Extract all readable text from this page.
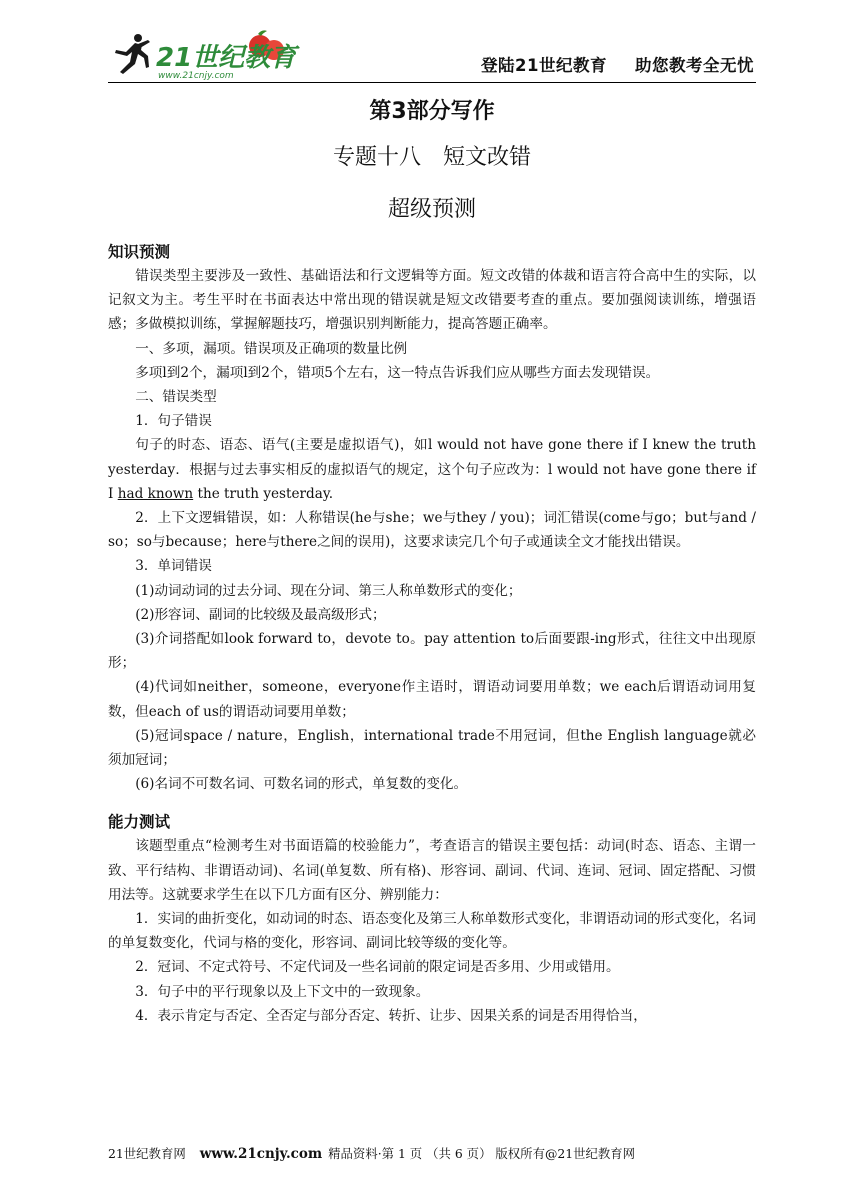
21世纪教育
www.21cnjy.com
登陆21世纪教育 助您教考全无忧
第3部分写作
专题十八　短文改错
超级预测
知识预测

错误类型主要涉及一致性、基础语法和行文逻辑等方面。短文改错的体裁和语言符合高中生的实际，以记叙文为主。考生平时在书面表达中常出现的错误就是短文改错要考查的重点。要加强阅读训练，增强语感；多做模拟训练，掌握解题技巧，增强识别判断能力，提高答题正确率。

一、多项，漏项。错误项及正确项的数量比例

多项l到2个，漏项l到2个，错项5个左右，这一特点告诉我们应从哪些方面去发现错误。

二、错误类型

1．句子错误

句子的时态、语态、语气(主要是虚拟语气)，如l would not have gone there if I knew the truth yesterday．根据与过去事实相反的虚拟语气的规定，这个句子应改为：l would not have gone there if I had known the truth yesterday.

2．上下文逻辑错误，如：人称错误(he与she；we与they / you)；词汇错误(come与go；but与and / so；so与because；here与there之间的误用)，这要求读完几个句子或通读全文才能找出错误。

3．单词错误

(1)动词动词的过去分词、现在分词、第三人称单数形式的变化；

(2)形容词、副词的比较级及最高级形式；

(3)介词搭配如look forward to，devote to。pay attention to后面要跟-ing形式，往往文中出现原形；

(4)代词如neither，someone，everyone作主语时，谓语动词要用单数；we each后谓语动词用复数，但each of us的谓语动词要用单数；

(5)冠词space / nature，English，international trade不用冠词，但the English language就必须加冠词；

(6)名词不可数名词、可数名词的形式，单复数的变化。

能力测试

该题型重点“检测考生对书面语篇的校验能力”，考查语言的错误主要包括：动词(时态、语态、主谓一致、平行结构、非谓语动词)、名词(单复数、所有格)、形容词、副词、代词、连词、冠词、固定搭配、习惯用法等。这就要求学生在以下几方面有区分、辨别能力：

1．实词的曲折变化，如动词的时态、语态变化及第三人称单数形式变化，非谓语动词的形式变化，名词的单复数变化，代词与格的变化，形容词、副词比较等级的变化等。

2．冠词、不定式符号、不定代词及一些名词前的限定词是否多用、少用或错用。

3．句子中的平行现象以及上下文中的一致现象。

4．表示肯定与否定、全否定与部分否定、转折、让步、因果关系的词是否用得恰当，

21世纪教育网 www.21cnjy.com 精品资料·第 1 页 （共 6 页） 版权所有@21世纪教育网
